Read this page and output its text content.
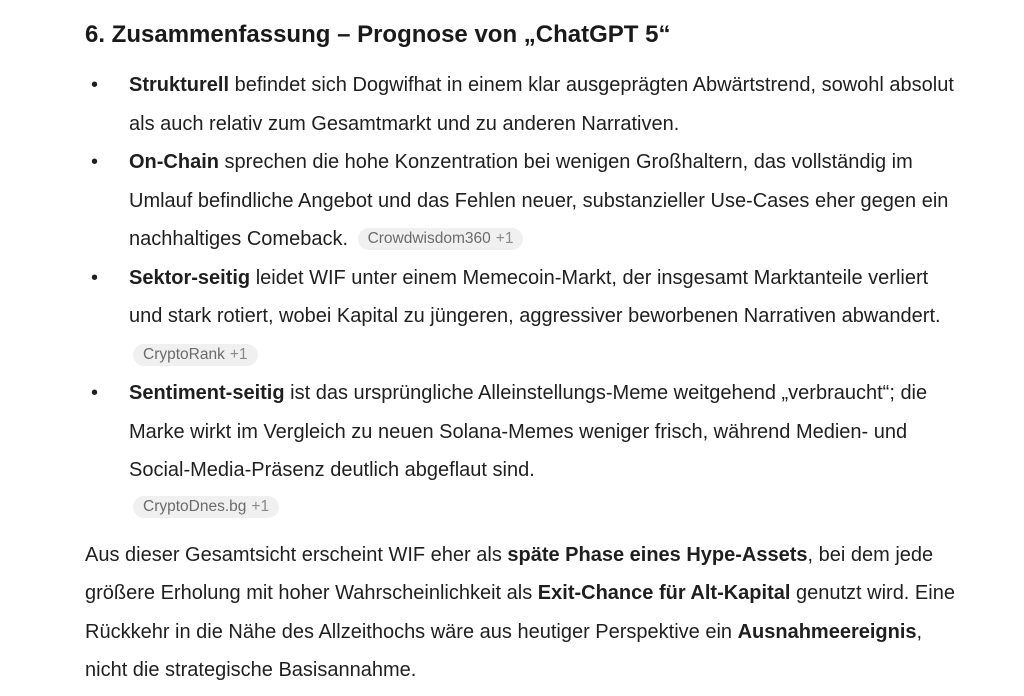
6. Zusammenfassung – Prognose von „ChatGPT 5“
• Strukturell befindet sich Dogwifhat in einem klar ausgeprägten Abwärtstrend, sowohl absolut als auch relativ zum Gesamtmarkt und zu anderen Narrativen.
• On-Chain sprechen die hohe Konzentration bei wenigen Großhaltern, das vollständig im Umlauf befindliche Angebot und das Fehlen neuer, substanzieller Use-Cases eher gegen ein nachhaltiges Comeback. Crowdwisdom360 +1
• Sektor-seitig leidet WIF unter einem Memecoin-Markt, der insgesamt Marktanteile verliert und stark rotiert, wobei Kapital zu jüngeren, aggressiver beworbenen Narrativen abwandert. CryptoRank +1
• Sentiment-seitig ist das ursprüngliche Alleinstellungs-Meme weitgehend „verbraucht“; die Marke wirkt im Vergleich zu neuen Solana-Memes weniger frisch, während Medien- und Social-Media-Präsenz deutlich abgeflaut sind.
CryptoDnes.bg +1

Aus dieser Gesamtsicht erscheint WIF eher als späte Phase eines Hype-Assets, bei dem jede größere Erholung mit hoher Wahrscheinlichkeit als Exit-Chance für Alt-Kapital genutzt wird. Eine Rückkehr in die Nähe des Allzeithochs wäre aus heutiger Perspektive ein Ausnahmeereignis, nicht die strategische Basisannahme.
